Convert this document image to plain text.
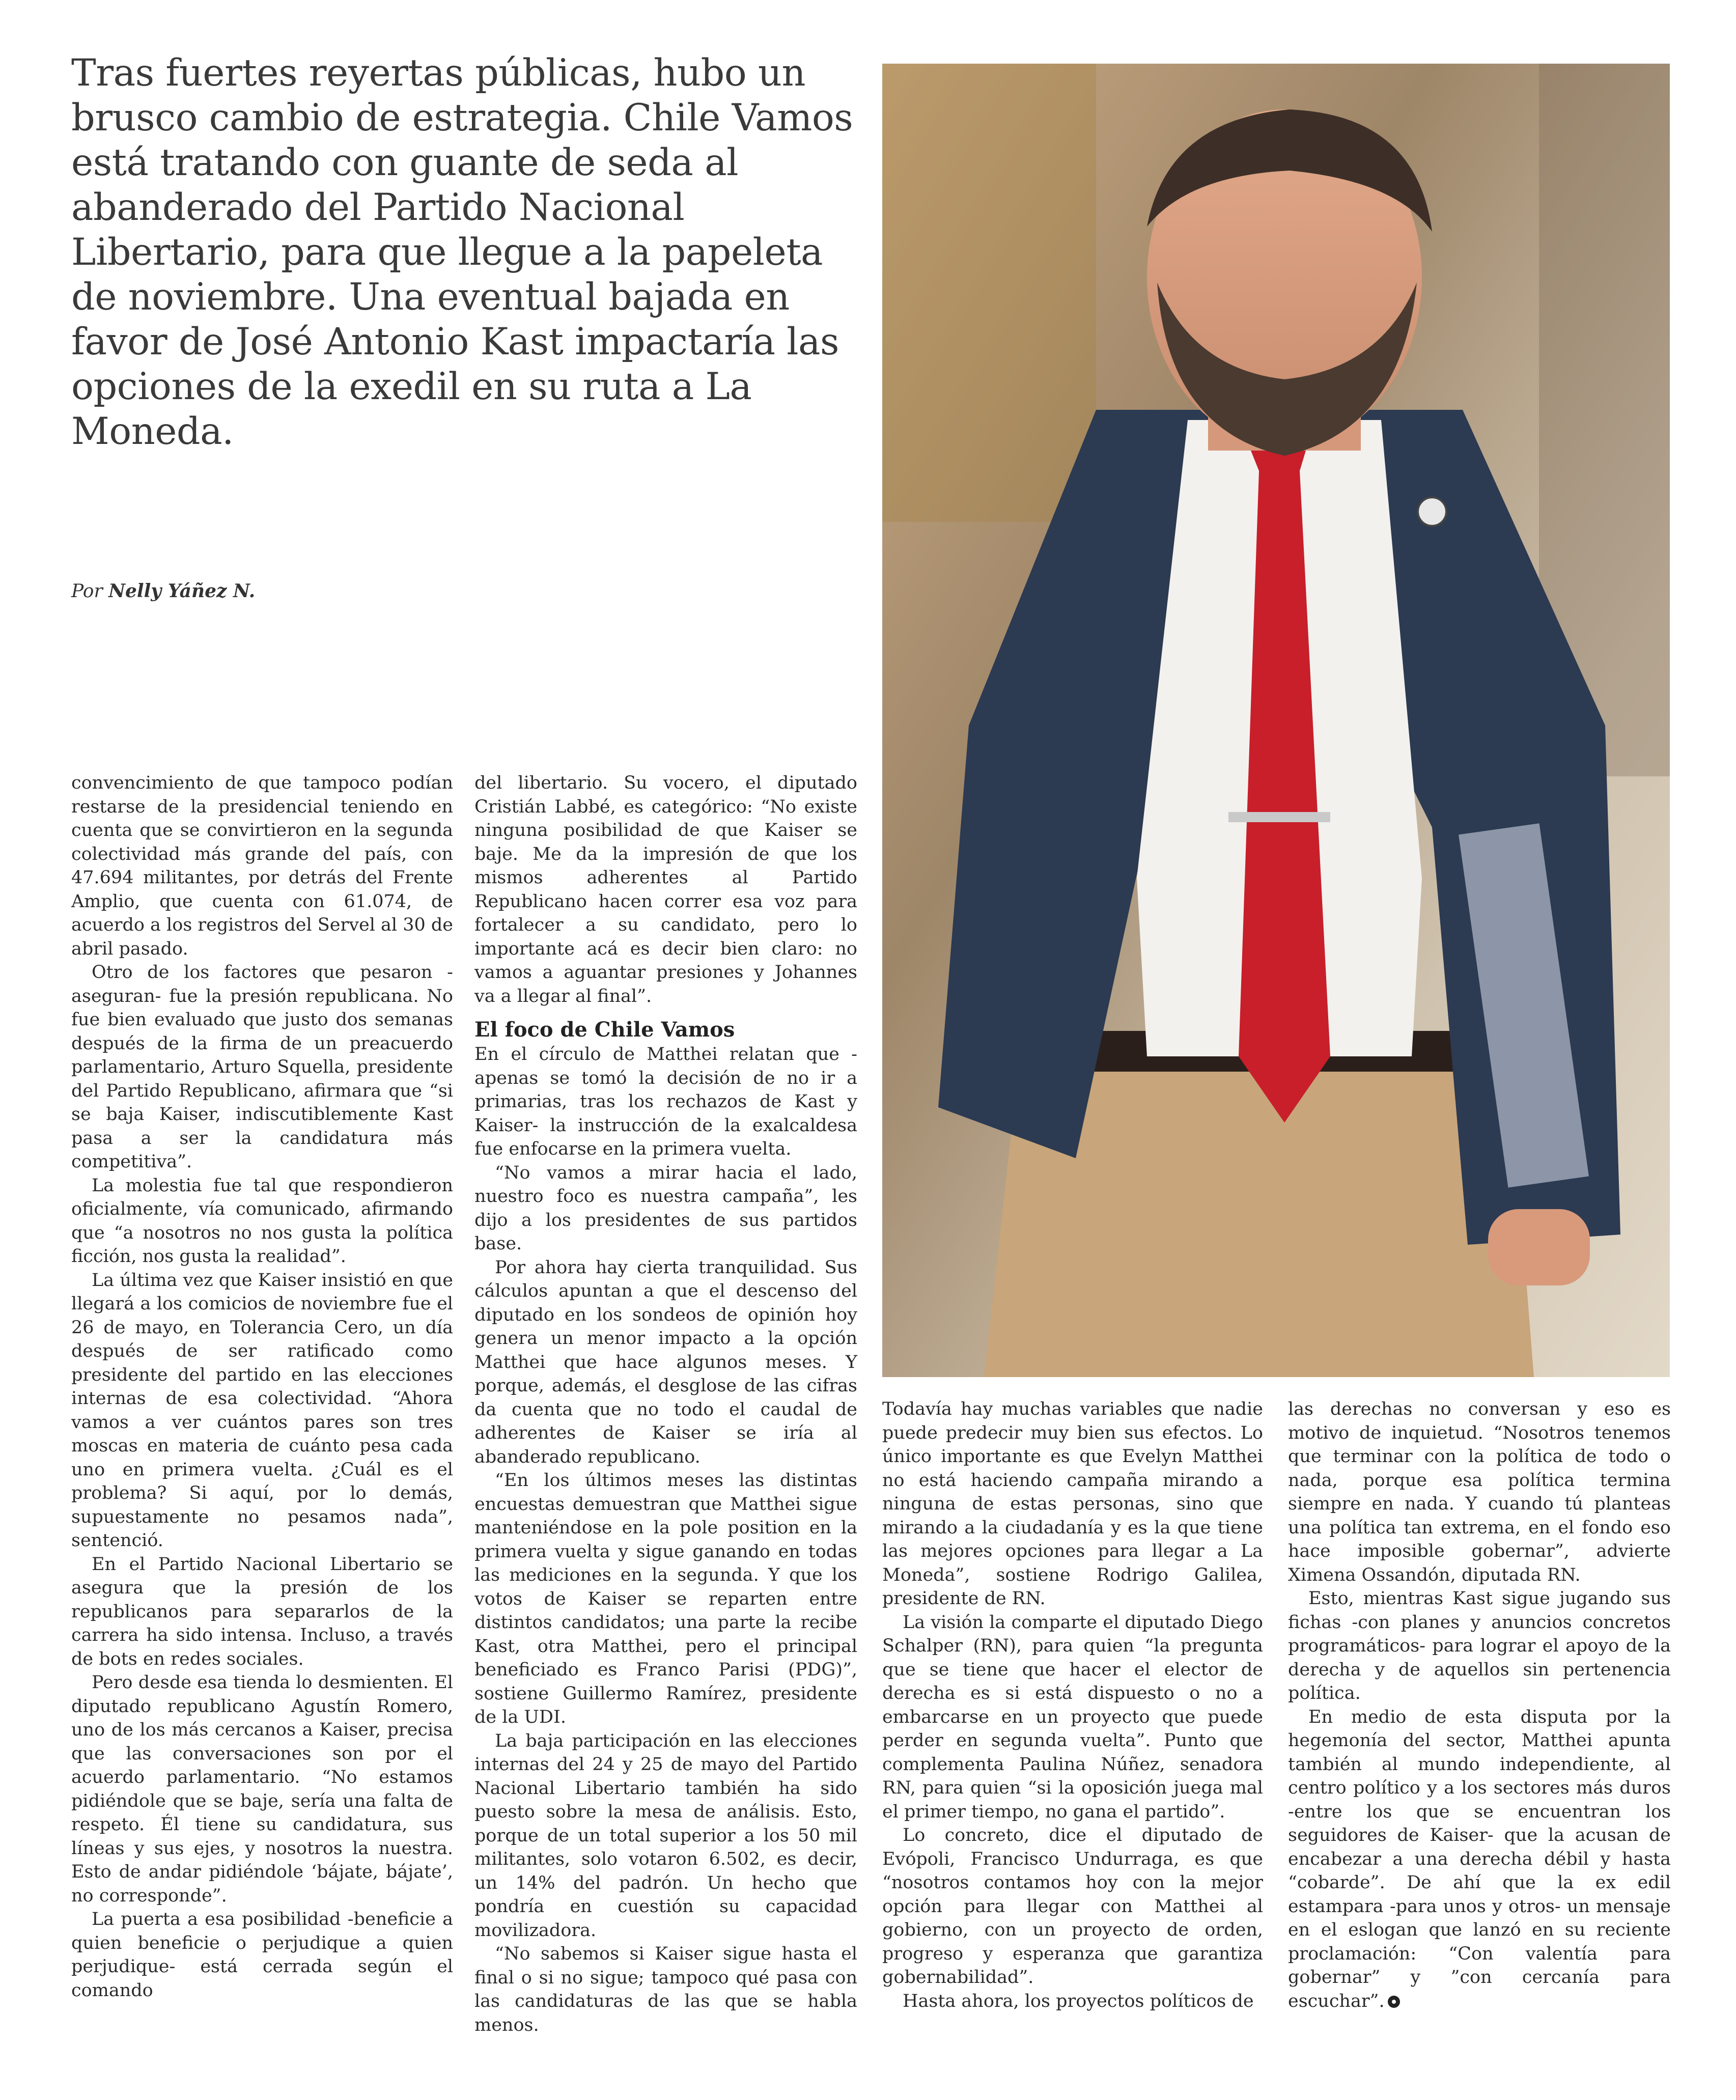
Tras fuertes reyertas públicas, hubo un brusco cambio de estrategia. Chile Vamos está tratando con guante de seda al abanderado del Partido Nacional Libertario, para que llegue a la papeleta de noviembre. Una eventual bajada en favor de José Antonio Kast impactaría las opciones de la exedil en su ruta a La Moneda.

Por Nelly Yáñez N.

convencimiento de que tampoco podían restarse de la presidencial teniendo en cuenta que se convirtieron en la segunda colectividad más grande del país, con 47.694 militantes, por detrás del Frente Amplio, que cuenta con 61.074, de acuerdo a los registros del Servel al 30 de abril pasado.

Otro de los factores que pesaron -aseguran- fue la presión republicana. No fue bien evaluado que justo dos semanas después de la firma de un preacuerdo parlamentario, Arturo Squella, presidente del Partido Republicano, afirmara que “si se baja Kaiser, indiscutiblemente Kast pasa a ser la candidatura más competitiva”.

La molestia fue tal que respondieron oficialmente, vía comunicado, afirmando que “a nosotros no nos gusta la política ficción, nos gusta la realidad”.

La última vez que Kaiser insistió en que llegará a los comicios de noviembre fue el 26 de mayo, en Tolerancia Cero, un día después de ser ratificado como presidente del partido en las elecciones internas de esa colectividad. “Ahora vamos a ver cuántos pares son tres moscas en materia de cuánto pesa cada uno en primera vuelta. ¿Cuál es el problema? Si aquí, por lo demás, supuestamente no pesamos nada”, sentenció.

En el Partido Nacional Libertario se asegura que la presión de los republicanos para separarlos de la carrera ha sido intensa. Incluso, a través de bots en redes sociales.

Pero desde esa tienda lo desmienten. El diputado republicano Agustín Romero, uno de los más cercanos a Kaiser, precisa que las conversaciones son por el acuerdo parlamentario. “No estamos pidiéndole que se baje, sería una falta de respeto. Él tiene su candidatura, sus líneas y sus ejes, y nosotros la nuestra. Esto de andar pidiéndole ‘bájate, bájate’, no corresponde”.

La puerta a esa posibilidad -beneficie a quien beneficie o perjudique a quien perjudique- está cerrada según el comando

del libertario. Su vocero, el diputado Cristián Labbé, es categórico: “No existe ninguna posibilidad de que Kaiser se baje. Me da la impresión de que los mismos adherentes al Partido Republicano hacen correr esa voz para fortalecer a su candidato, pero lo importante acá es decir bien claro: no vamos a aguantar presiones y Johannes va a llegar al final”.

El foco de Chile Vamos

En el círculo de Matthei relatan que -apenas se tomó la decisión de no ir a primarias, tras los rechazos de Kast y Kaiser- la instrucción de la exalcaldesa fue enfocarse en la primera vuelta.

“No vamos a mirar hacia el lado, nuestro foco es nuestra campaña”, les dijo a los presidentes de sus partidos base.

Por ahora hay cierta tranquilidad. Sus cálculos apuntan a que el descenso del diputado en los sondeos de opinión hoy genera un menor impacto a la opción Matthei que hace algunos meses. Y porque, además, el desglose de las cifras da cuenta que no todo el caudal de adherentes de Kaiser se iría al abanderado republicano.

“En los últimos meses las distintas encuestas demuestran que Matthei sigue manteniéndose en la pole position en la primera vuelta y sigue ganando en todas las mediciones en la segunda. Y que los votos de Kaiser se reparten entre distintos candidatos; una parte la recibe Kast, otra Matthei, pero el principal beneficiado es Franco Parisi (PDG)”, sostiene Guillermo Ramírez, presidente de la UDI.

La baja participación en las elecciones internas del 24 y 25 de mayo del Partido Nacional Libertario también ha sido puesto sobre la mesa de análisis. Esto, porque de un total superior a los 50 mil militantes, solo votaron 6.502, es decir, un 14% del padrón. Un hecho que pondría en cuestión su capacidad movilizadora.

“No sabemos si Kaiser sigue hasta el final o si no sigue; tampoco qué pasa con las candidaturas de las que se habla menos.

Todavía hay muchas variables que nadie puede predecir muy bien sus efectos. Lo único importante es que Evelyn Matthei no está haciendo campaña mirando a ninguna de estas personas, sino que mirando a la ciudadanía y es la que tiene las mejores opciones para llegar a La Moneda”, sostiene Rodrigo Galilea, presidente de RN.

La visión la comparte el diputado Diego Schalper (RN), para quien “la pregunta que se tiene que hacer el elector de derecha es si está dispuesto o no a embarcarse en un proyecto que puede perder en segunda vuelta”. Punto que complementa Paulina Núñez, senadora RN, para quien “si la oposición juega mal el primer tiempo, no gana el partido”.

Lo concreto, dice el diputado de Evópoli, Francisco Undurraga, es que “nosotros contamos hoy con la mejor opción para llegar con Matthei al gobierno, con un proyecto de orden, progreso y esperanza que garantiza gobernabilidad”.

Hasta ahora, los proyectos políticos de

las derechas no conversan y eso es motivo de inquietud. “Nosotros tenemos que terminar con la política de todo o nada, porque esa política termina siempre en nada. Y cuando tú planteas una política tan extrema, en el fondo eso hace imposible gobernar”, advierte Ximena Ossandón, diputada RN.

Esto, mientras Kast sigue jugando sus fichas -con planes y anuncios concretos programáticos- para lograr el apoyo de la derecha y de aquellos sin pertenencia política.

En medio de esta disputa por la hegemonía del sector, Matthei apunta también al mundo independiente, al centro político y a los sectores más duros -entre los que se encuentran los seguidores de Kaiser- que la acusan de encabezar a una derecha débil y hasta “cobarde”. De ahí que la ex edil estampara -para unos y otros- un mensaje en el eslogan que lanzó en su reciente proclamación: “Con valentía para gobernar” y ”con cercanía para escuchar”.
